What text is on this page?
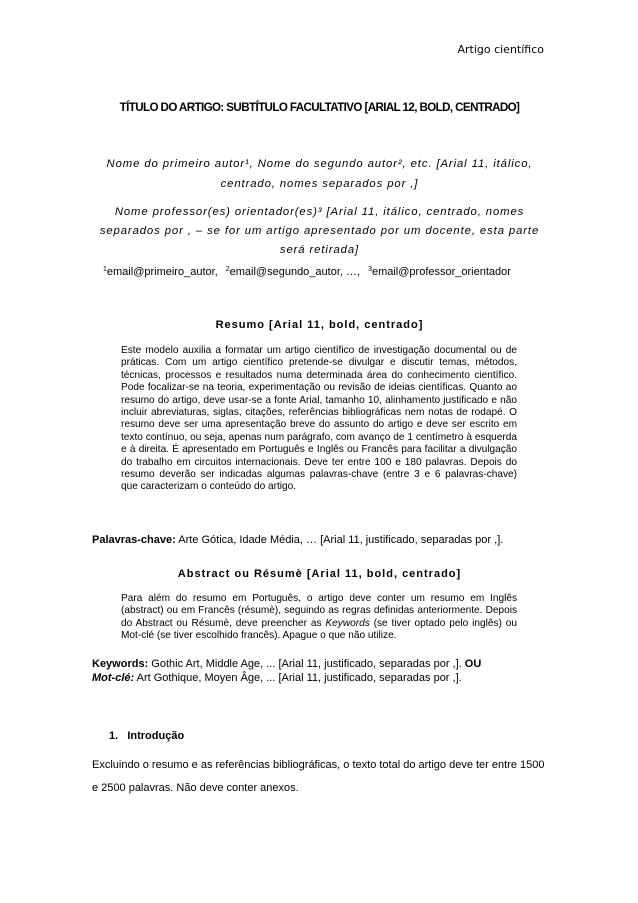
Artigo científico
TÍTULO DO ARTIGO: SUBTÍTULO FACULTATIVO [ARIAL 12, BOLD, CENTRADO]
Nome do primeiro autor¹, Nome do segundo autor², etc. [Arial 11, itálico, centrado, nomes separados por ,]
Nome professor(es) orientador(es)³ [Arial 11, itálico, centrado, nomes separados por , – se for um artigo apresentado por um docente, esta parte será retirada]
$^1$email@primeiro_autor, $^2$email@segundo_autor, …, $^3$email@professor_orientador
Resumo [Arial 11, bold, centrado]
Este modelo auxilia a formatar um artigo científico de investigação documental ou de práticas. Com um artigo científico pretende-se divulgar e discutir temas, métodos, técnicas, processos e resultados numa determinada área do conhecimento científico. Pode focalizar-se na teoria, experimentação ou revisão de ideias científicas. Quanto ao resumo do artigo, deve usar-se a fonte Arial, tamanho 10, alinhamento justificado e não incluir abreviaturas, siglas, citações, referências bibliográficas nem notas de rodapé. O resumo deve ser uma apresentação breve do assunto do artigo e deve ser escrito em texto contínuo, ou seja, apenas num parágrafo, com avanço de 1 centímetro à esquerda e à direita. É apresentado em Português e Inglês ou Francês para facilitar a divulgação do trabalho em circuitos internacionais. Deve ter entre 100 e 180 palavras. Depois do resumo deverão ser indicadas algumas palavras-chave (entre 3 e 6 palavras-chave) que caracterizam o conteúdo do artigo.
Palavras-chave: Arte Gótica, Idade Média, … [Arial 11, justificado, separadas por ,].
Abstract ou Résumè [Arial 11, bold, centrado]
Para além do resumo em Português, o artigo deve conter um resumo em Inglês (abstract) ou em Francês (résumè), seguindo as regras definidas anteriormente. Depois do Abstract ou Résumè, deve preencher as Keywords (se tiver optado pelo inglês) ou Mot-clé (se tiver escolhido francês). Apague o que não utilize.
Keywords: Gothic Art, Middle Age, ... [Arial 11, justificado, separadas por ,]. OU
Mot-clé: Art Gothique, Moyen Âge, ... [Arial 11, justificado, separadas por ,].
1.   Introdução
Excluindo o resumo e as referências bibliográficas, o texto total do artigo deve ter entre 1500 e 2500 palavras. Não deve conter anexos.
